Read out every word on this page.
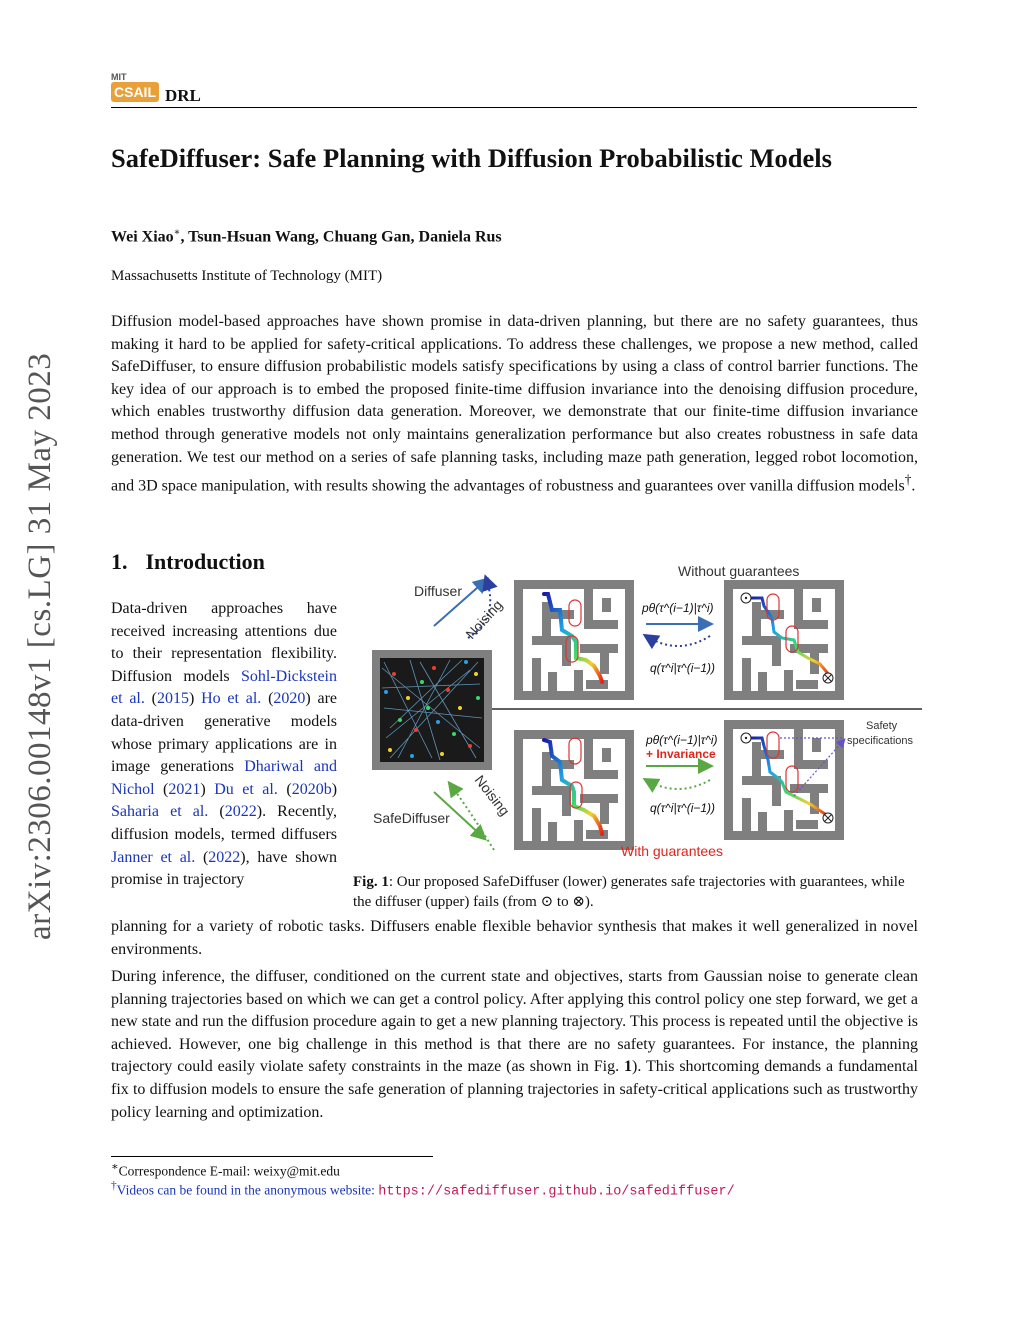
MIT
CSAIL DRL
arXiv:2306.00148v1 [cs.LG] 31 May 2023
SafeDiffuser: Safe Planning with Diffusion Probabilistic Models
Wei Xiao∗, Tsun-Hsuan Wang, Chuang Gan, Daniela Rus
Massachusetts Institute of Technology (MIT)

Diffusion model-based approaches have shown promise in data-driven planning, but there are no safety guarantees, thus making it hard to be applied for safety-critical applications. To address these challenges, we propose a new method, called SafeDiffuser, to ensure diffusion probabilistic models satisfy specifications by using a class of control barrier functions. The key idea of our approach is to embed the proposed finite-time diffusion invariance into the denoising diffusion procedure, which enables trustworthy diffusion data generation. Moreover, we demonstrate that our finite-time diffusion invariance method through generative models not only maintains generalization performance but also creates robustness in safe data generation. We test our method on a series of safe planning tasks, including maze path generation, legged robot locomotion, and 3D space manipulation, with results showing the advantages of robustness and guarantees over vanilla diffusion models†.

1. Introduction

Data-driven approaches have received increasing attentions due to their representation flexibility. Diffusion models Sohl-Dickstein et al. (2015) Ho et al. (2020) are data-driven generative models whose primary applications are in image generations Dhariwal and Nichol (2021) Du et al. (2020b) Saharia et al. (2022). Recently, diffusion models, termed diffusers Janner et al. (2022), have shown promise in trajectory

planning for a variety of robotic tasks. Diffusers enable flexible behavior synthesis that makes it well generalized in novel environments.

During inference, the diffuser, conditioned on the current state and objectives, starts from Gaussian noise to generate clean planning trajectories based on which we can get a control policy. After applying this control policy one step forward, we get a new state and run the diffusion procedure again to get a new planning trajectory. This process is repeated until the objective is achieved. However, one big challenge in this method is that there are no safety guarantees. For instance, the planning trajectory could easily violate safety constraints in the maze (as shown in Fig. 1). This shortcoming demands a fundamental fix to diffusion models to ensure the safe generation of planning trajectories in safety-critical applications such as trustworthy policy learning and optimization.

Without guarantees
Diffuser
Noising	pθ(τ^(i−1)|τ^i)
q(τ^i|τ^(i−1))
Safety
specifications
pθ(τ^(i−1)|τ^i)
+ Invariance
q(τ^i|τ^(i−1))
Noising
SafeDiffuser
With guarantees

Fig. 1: Our proposed SafeDiffuser (lower) generates safe trajectories with guarantees, while the diffuser (upper) fails (from ⊙ to ⊗).

∗Correspondence E-mail: weixy@mit.edu
†Videos can be found in the anonymous website: https://safediffuser.github.io/safediffuser/
